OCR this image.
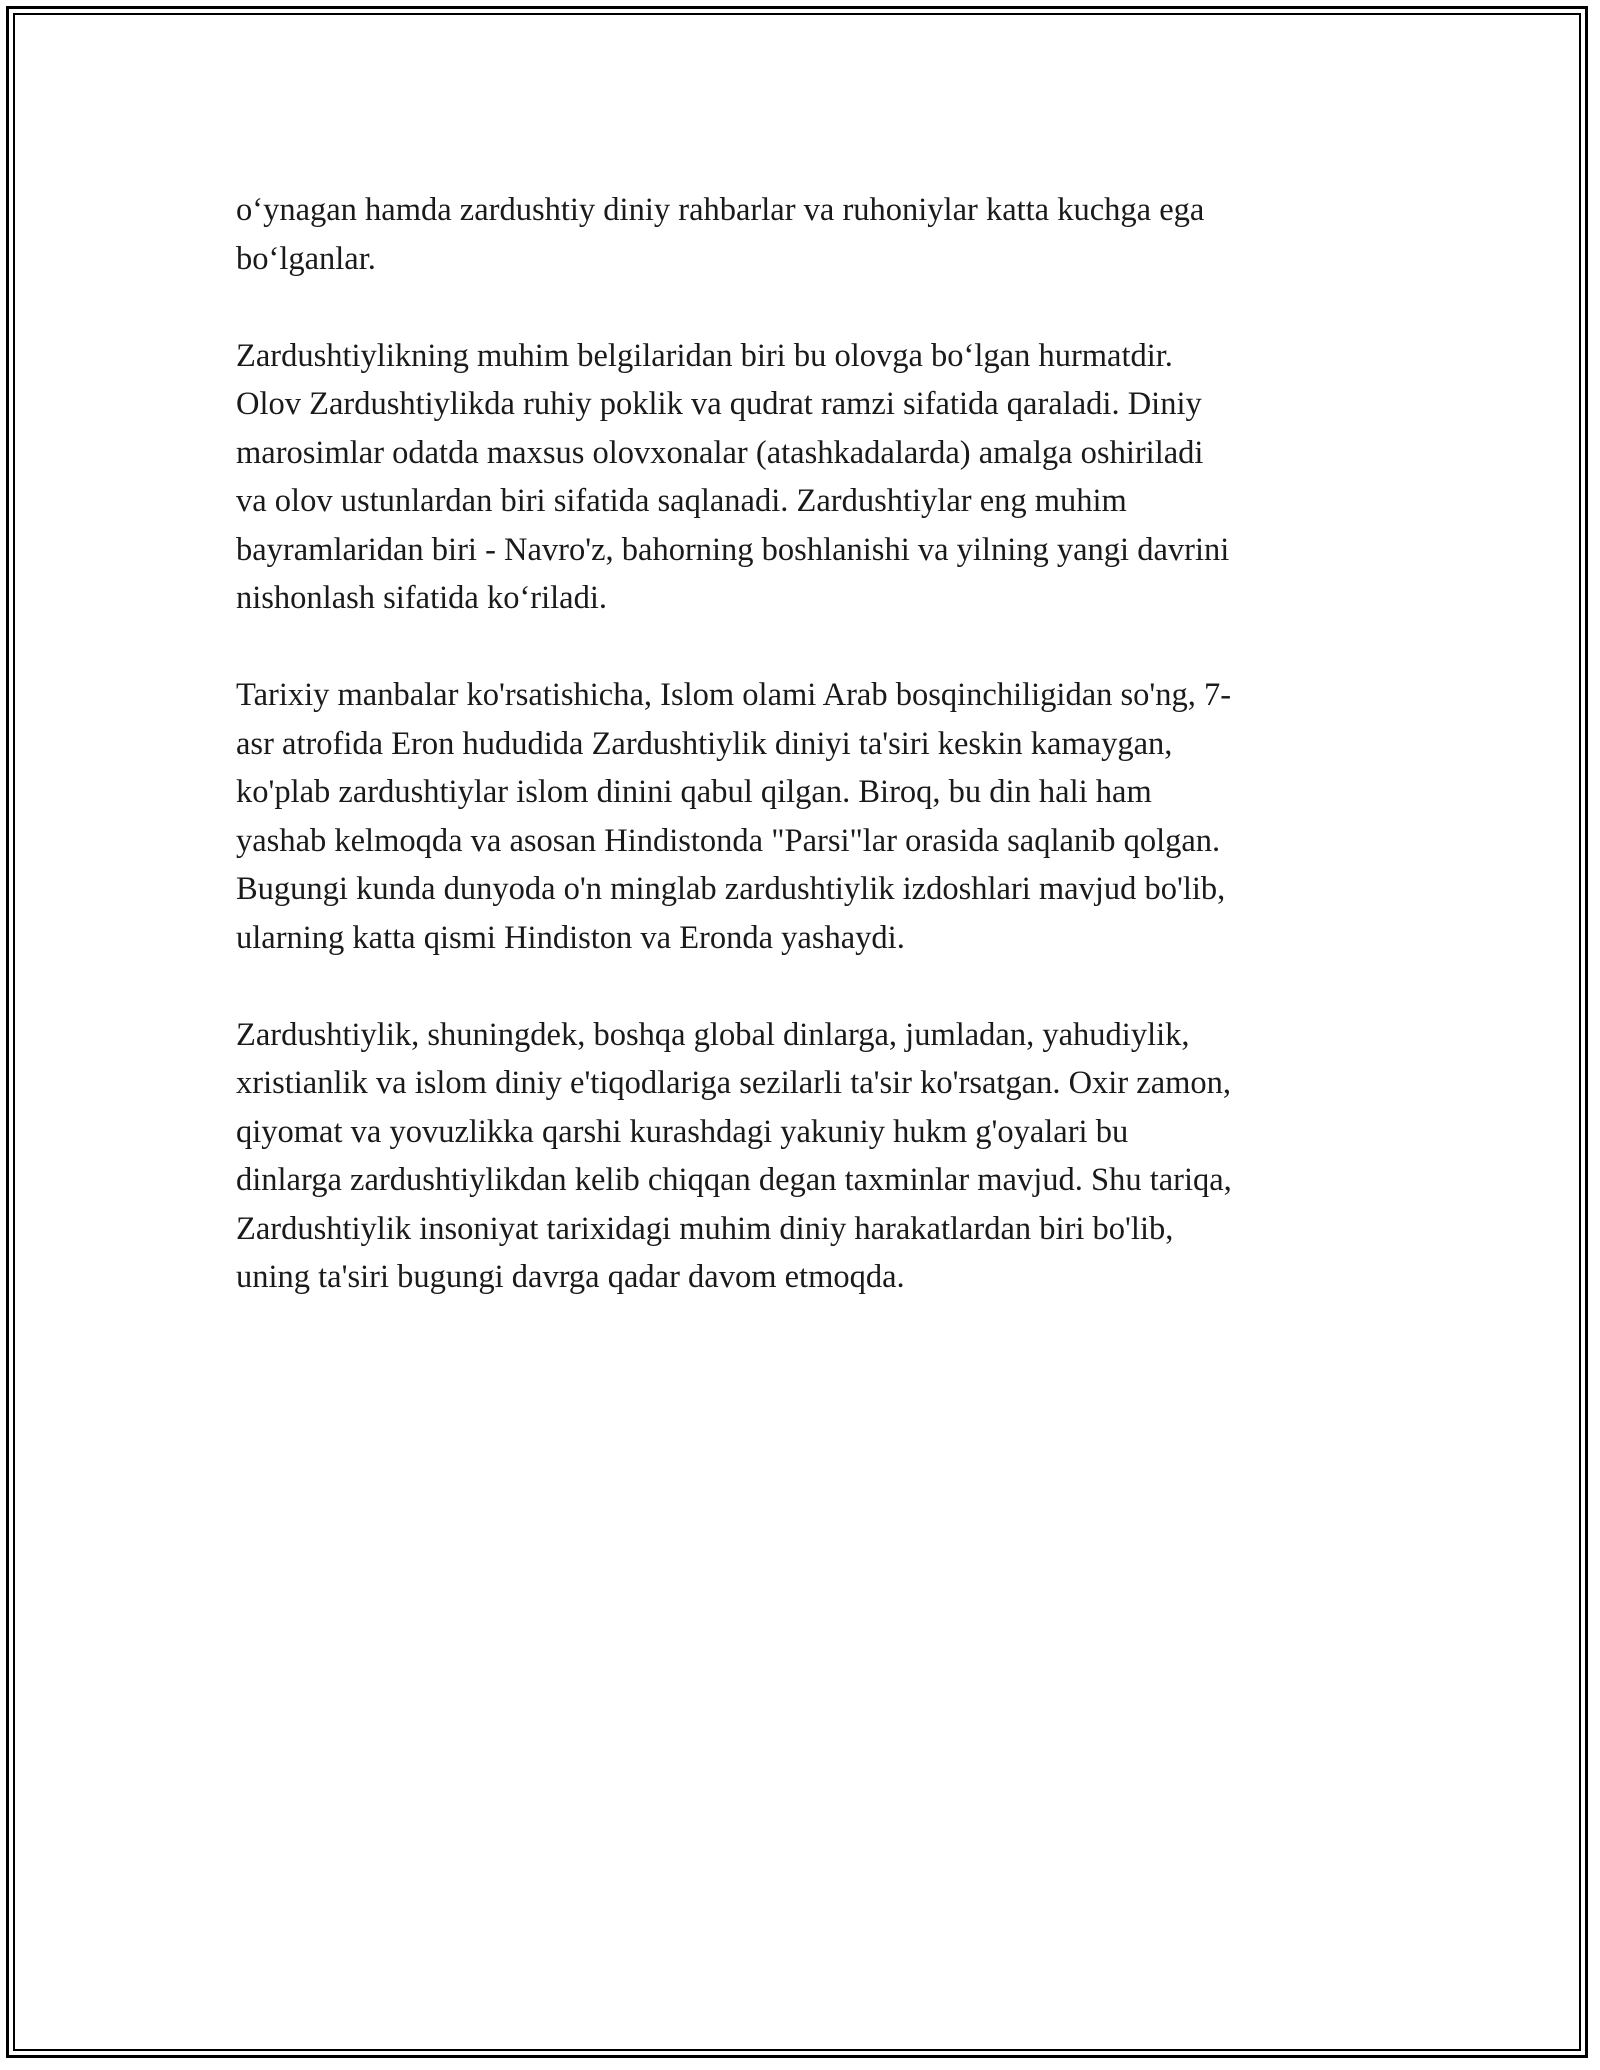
o‘ynagan hamda zardushtiy diniy rahbarlar va ruhoniylar katta kuchga ega
bo‘lganlar.

Zardushtiylikning muhim belgilaridan biri bu olovga bo‘lgan hurmatdir.
Olov Zardushtiylikda ruhiy poklik va qudrat ramzi sifatida qaraladi. Diniy
marosimlar odatda maxsus olovxonalar (atashkadalarda) amalga oshiriladi
va olov ustunlardan biri sifatida saqlanadi. Zardushtiylar eng muhim
bayramlaridan biri - Navro'z, bahorning boshlanishi va yilning yangi davrini
nishonlash sifatida ko‘riladi.

Tarixiy manbalar ko'rsatishicha, Islom olami Arab bosqinchiligidan so'ng, 7-
asr atrofida Eron hududida Zardushtiylik diniyi ta'siri keskin kamaygan,
ko'plab zardushtiylar islom dinini qabul qilgan. Biroq, bu din hali ham
yashab kelmoqda va asosan Hindistonda "Parsi"lar orasida saqlanib qolgan.
Bugungi kunda dunyoda o'n minglab zardushtiylik izdoshlari mavjud bo'lib,
ularning katta qismi Hindiston va Eronda yashaydi.

Zardushtiylik, shuningdek, boshqa global dinlarga, jumladan, yahudiylik,
xristianlik va islom diniy e'tiqodlariga sezilarli ta'sir ko'rsatgan. Oxir zamon,
qiyomat va yovuzlikka qarshi kurashdagi yakuniy hukm g'oyalari bu
dinlarga zardushtiylikdan kelib chiqqan degan taxminlar mavjud. Shu tariqa,
Zardushtiylik insoniyat tarixidagi muhim diniy harakatlardan biri bo'lib,
uning ta'siri bugungi davrga qadar davom etmoqda.
